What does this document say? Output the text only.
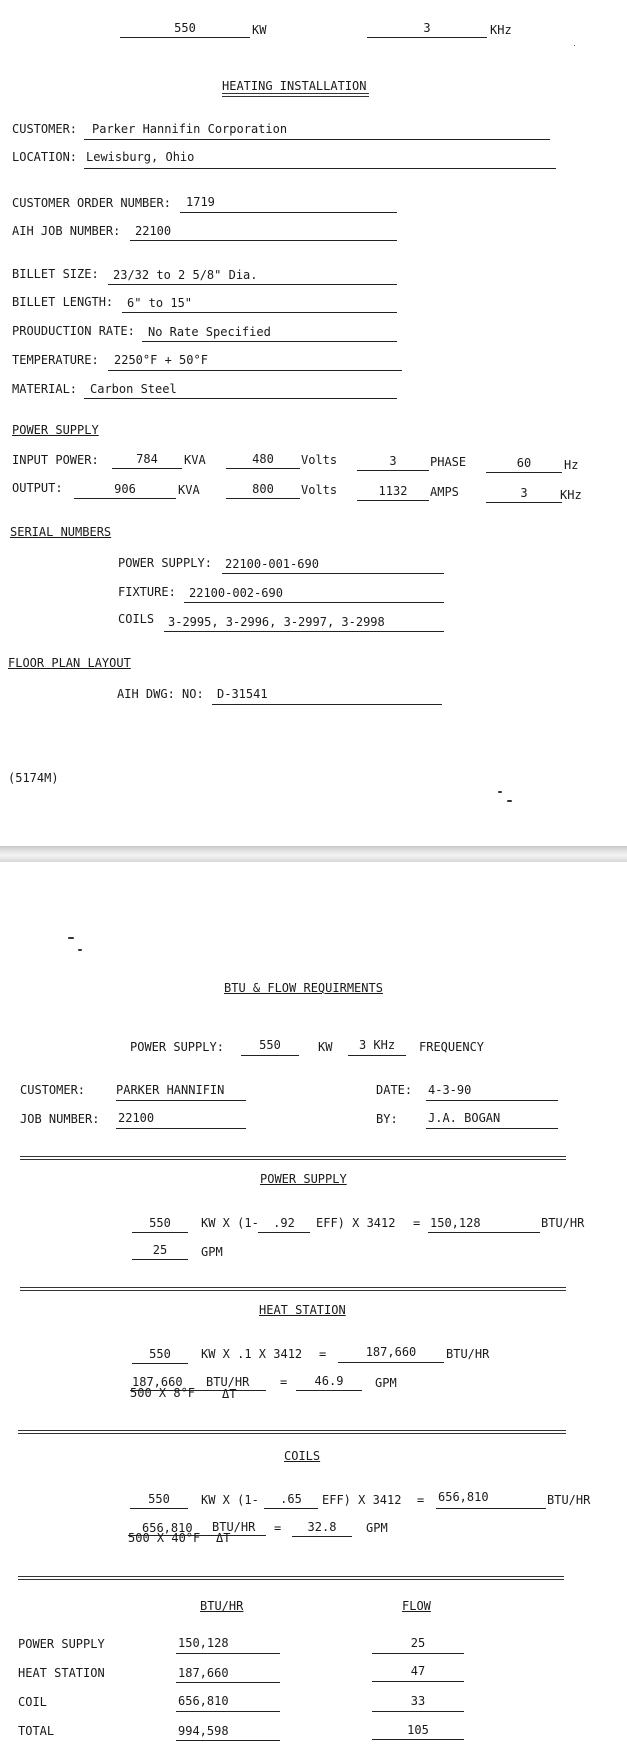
550	KW	3	KHz
HEATING INSTALLATION
CUSTOMER: Parker Hannifin Corporation
LOCATION: Lewisburg, Ohio
CUSTOMER ORDER NUMBER: 1719
AIH JOB NUMBER: 22100
BILLET SIZE: 23/32 to 2 5/8" Dia.
BILLET LENGTH: 6" to 15"
PROUDUCTION RATE: No Rate Specified
TEMPERATURE: 2250°F + 50°F
MATERIAL: Carbon Steel
POWER SUPPLY
INPUT POWER:	784	KVA	480	Volts	3	PHASE	60	Hz
OUTPUT:	906	KVA	800	Volts	1132	AMPS	3	KHz
SERIAL NUMBERS
POWER SUPPLY: 22100-001-690
FIXTURE: 22100-002-690
COILS 3-2995, 3-2996, 3-2997, 3-2998
FLOOR PLAN LAYOUT
AIH DWG: NO: D-31541
(5174M)
BTU & FLOW REQUIRMENTS
POWER SUPPLY:	550	KW	3 KHz	FREQUENCY
CUSTOMER:	PARKER HANNIFIN	DATE: 4-3-90
JOB NUMBER: 22100	BY:	J.A. BOGAN
POWER SUPPLY
550	KW X (1-	.92	EFF) X 3412 = 150,128	BTU/HR
25	GPM
HEAT STATION
550	KW X .1 X 3412 =	187,660	BTU/HR
187,660 BTU/HR
500 X 8°F ΔT
=	46.9	GPM
COILS
550	KW X (1-	.65	EFF) X 3412 = 656,810	BTU/HR
656,810 BTU/HR
500 X 40°F ΔT
=	32.8	GPM
BTU/HR	FLOW
POWER SUPPLY	150,128	25
HEAT STATION	187,660	47
COIL	656,810	33
TOTAL	994,598	105
